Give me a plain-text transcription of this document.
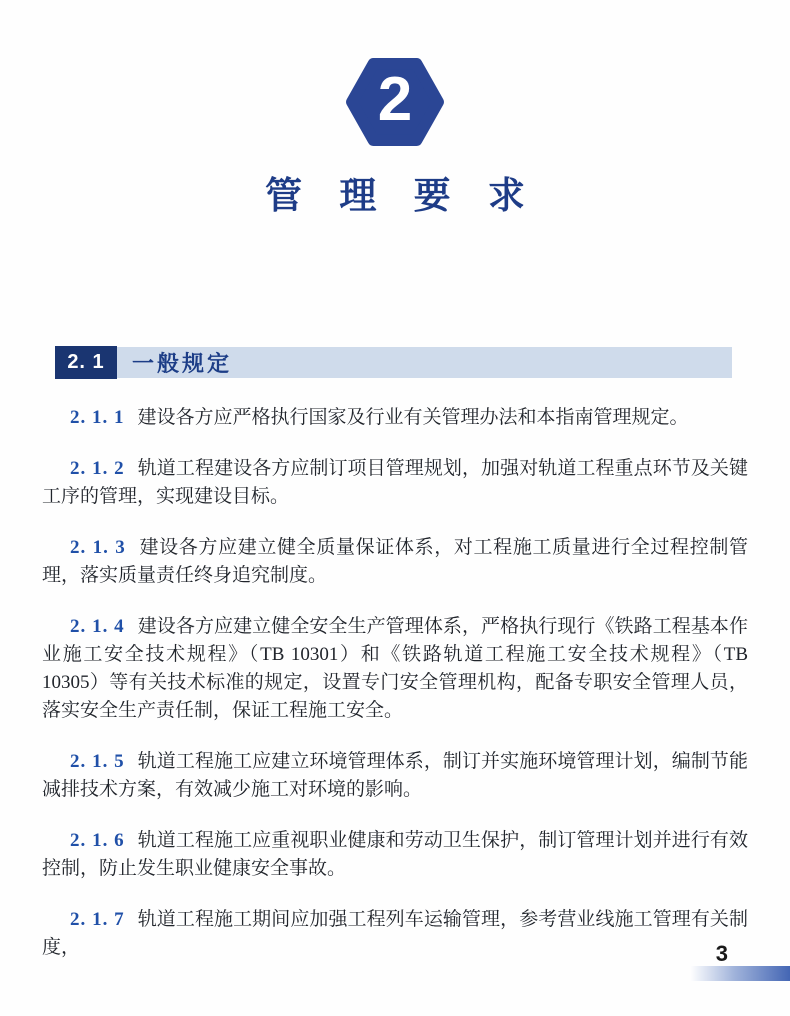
2
管 理 要 求
2. 1	一般规定

2. 1. 1 建设各方应严格执行国家及行业有关管理办法和本指南管理规定。

2. 1. 2 轨道工程建设各方应制订项目管理规划，加强对轨道工程重点环节及关键工序的管理，实现建设目标。

2. 1. 3 建设各方应建立健全质量保证体系，对工程施工质量进行全过程控制管理，落实质量责任终身追究制度。

2. 1. 4 建设各方应建立健全安全生产管理体系，严格执行现行《铁路工程基本作业施工安全技术规程》（TB 10301）和《铁路轨道工程施工安全技术规程》（TB 10305）等有关技术标准的规定，设置专门安全管理机构，配备专职安全管理人员，落实安全生产责任制，保证工程施工安全。

2. 1. 5 轨道工程施工应建立环境管理体系，制订并实施环境管理计划，编制节能减排技术方案，有效减少施工对环境的影响。

2. 1. 6 轨道工程施工应重视职业健康和劳动卫生保护，制订管理计划并进行有效控制，防止发生职业健康安全事故。

2. 1. 7 轨道工程施工期间应加强工程列车运输管理，参考营业线施工管理有关制度，	3
